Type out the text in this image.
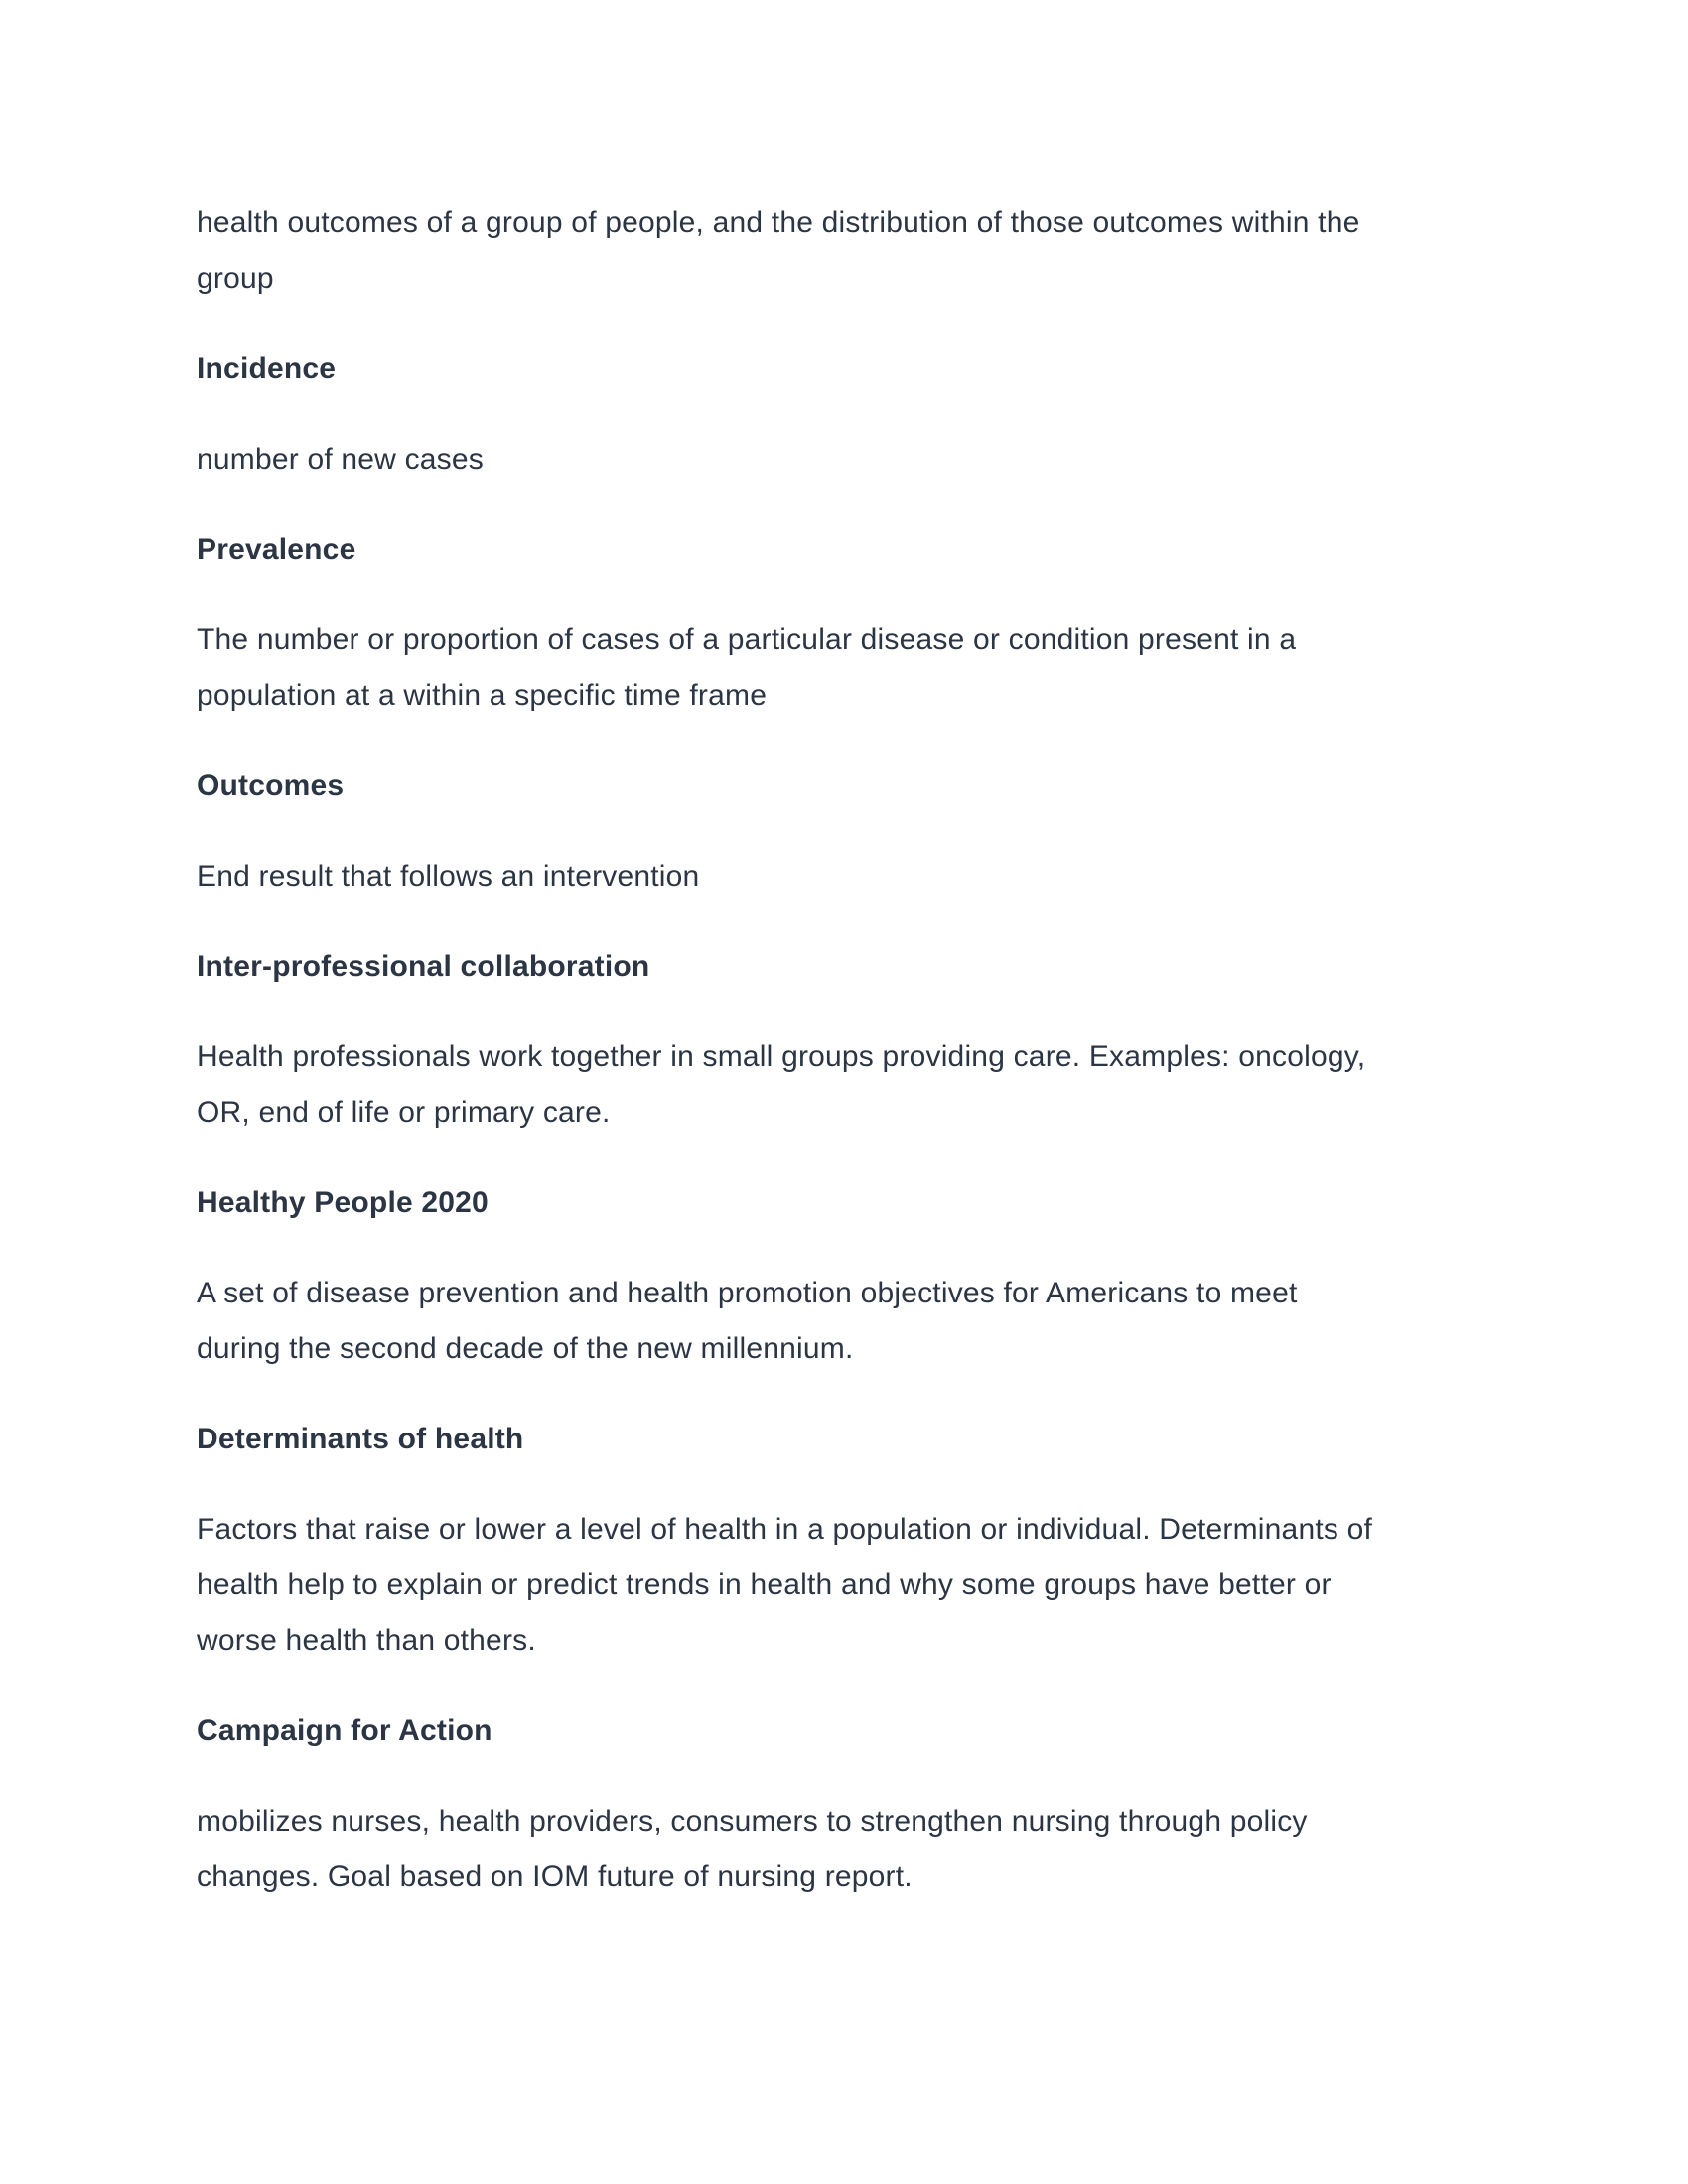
health outcomes of a group of people, and the distribution of those outcomes within the
group

Incidence

number of new cases

Prevalence

The number or proportion of cases of a particular disease or condition present in a
population at a within a specific time frame

Outcomes

End result that follows an intervention

Inter-professional collaboration

Health professionals work together in small groups providing care. Examples: oncology,
OR, end of life or primary care.

Healthy People 2020

A set of disease prevention and health promotion objectives for Americans to meet
during the second decade of the new millennium.

Determinants of health

Factors that raise or lower a level of health in a population or individual. Determinants of
health help to explain or predict trends in health and why some groups have better or
worse health than others.

Campaign for Action

mobilizes nurses, health providers, consumers to strengthen nursing through policy
changes. Goal based on IOM future of nursing report.
